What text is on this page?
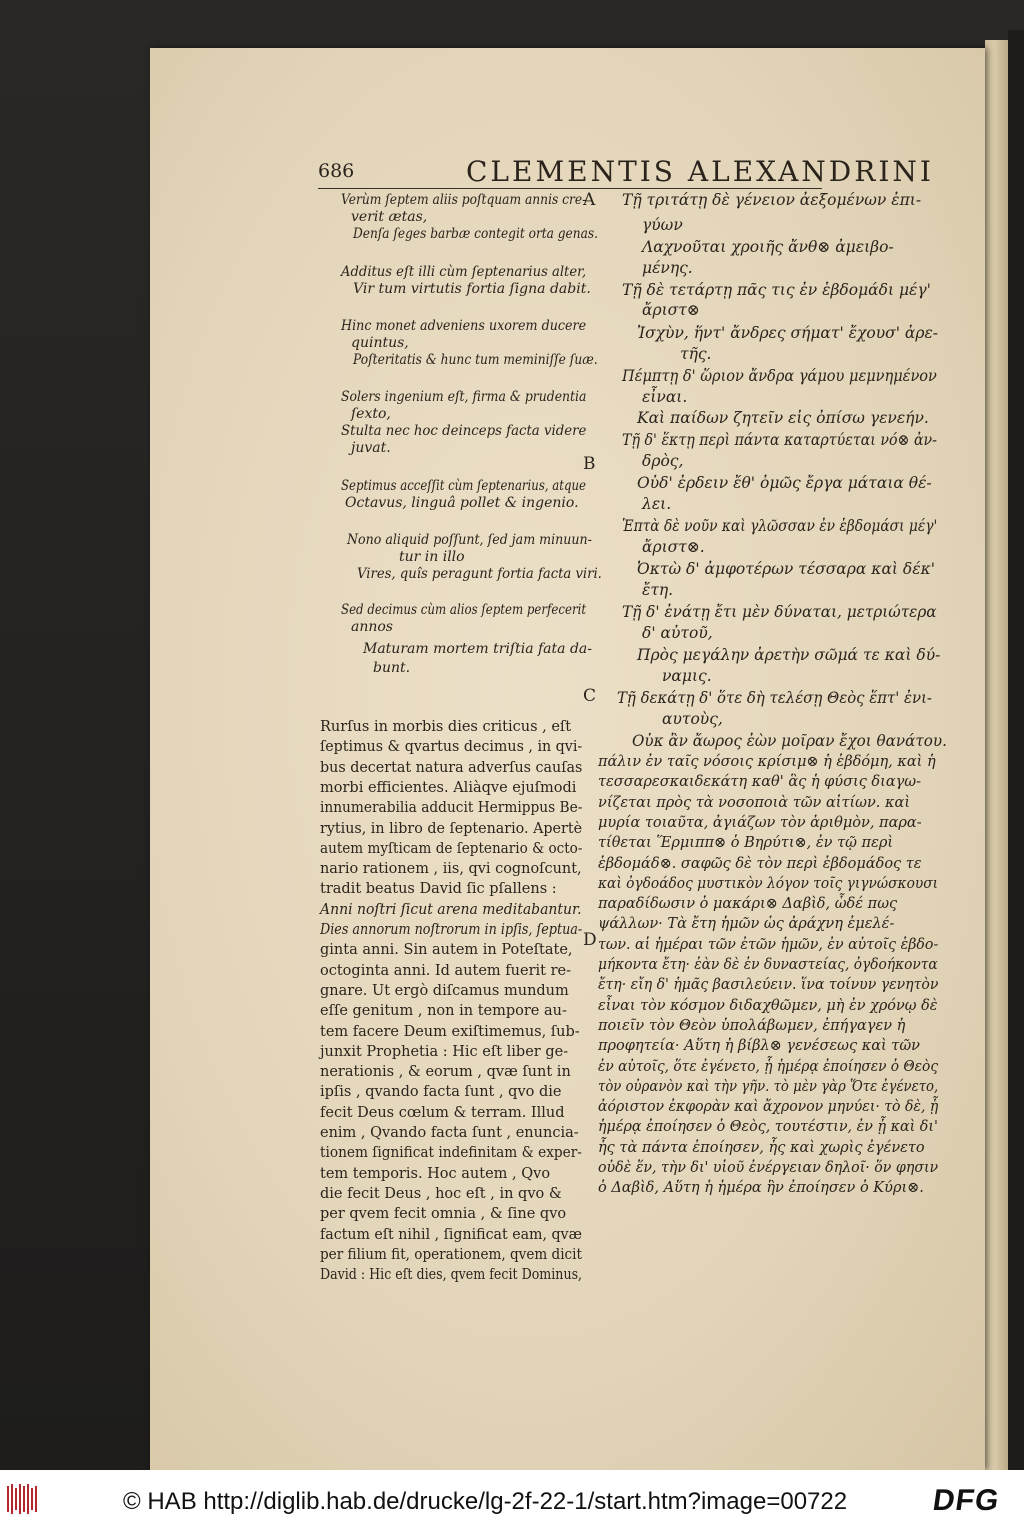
686	CLEMENTIS ALEXANDRINI
A
B
C
D
Verùm ſeptem aliis poſtquam annis cre-
verit ætas,
Denſa ſeges barbæ contegit orta genas.
Additus eſt illi cùm ſeptenarius alter,
Vir tum virtutis fortia ſigna dabit.
Hinc monet adveniens uxorem ducere
quintus,
Poſteritatis & hunc tum meminiſſe ſuæ.
Solers ingenium eſt, firma & prudentia
ſexto,
Stulta nec hoc deinceps facta videre
juvat.
Septimus acceſſit cùm ſeptenarius, atque
Octavus, linguâ pollet & ingenio.
Nono aliquid poſſunt, ſed jam minuun-
tur in illo
Vires, quîs peragunt fortia facta viri.
Sed decimus cùm alios ſeptem perfecerit
annos
Maturam mortem triſtia fata da-
bunt.
Τῇ τριτάτῃ δὲ γένειον ἀεξομένων ἐπι-
γύων
Λαχνοῦται χροιῆς ἄνθ⊗ ἀμειβο-
μένης.
Τῇ δὲ τετάρτῃ πᾶς τις ἐν ἑβδομάδι μέγ'
ἄριστ⊗
Ἰσχὺν, ἥντ' ἄνδρες σήματ' ἔχουσ' ἀρε-
τῆς.
Πέμπτῃ δ' ὥριον ἄνδρα γάμου μεμνημένον
εἶναι.
Καὶ παίδων ζητεῖν εἰς ὀπίσω γενεήν.
Τῇ δ' ἕκτῃ περὶ πάντα καταρτύεται νό⊗ ἀν-
δρὸς,
Οὐδ' ἐρδειν ἔθ' ὁμῶς ἔργα μάταια θέ-
λει.
Ἑπτὰ δὲ νοῦν καὶ γλῶσσαν ἐν ἑβδομάσι μέγ'
ἄριστ⊗.
Ὀκτὼ δ' ἀμφοτέρων τέσσαρα καὶ δέκ'
ἔτη.
Τῇ δ' ἐνάτῃ ἔτι μὲν δύναται, μετριώτερα
δ' αὐτοῦ,
Πρὸς μεγάλην ἀρετὴν σῶμά τε καὶ δύ-
ναμις.
Τῇ δεκάτῃ δ' ὅτε δὴ τελέσῃ Θεὸς ἕπτ' ἐνι-
αυτοὺς,
Οὐκ ἂν ἄωρος ἐὼν μοῖραν ἔχοι θανάτου.
Rurſus in morbis dies criticus , eſt
ſeptimus & qvartus decimus , in qvi-
bus decertat natura adverſus cauſas
morbi efficientes. Aliàqve ejuſmodi
innumerabilia adducit Hermippus Be-
rytius, in libro de ſeptenario. Apertè
autem myſticam de ſeptenario & octo-
nario rationem , iis, qvi cognoſcunt,
tradit beatus David ſic pſallens :
Anni noſtri ſicut arena meditabantur.
Dies annorum noſtrorum in ipſis, ſeptua-
ginta anni. Sin autem in Poteſtate,
octoginta anni. Id autem fuerit re-
gnare. Ut ergò diſcamus mundum
eſſe genitum , non in tempore au-
tem facere Deum exiſtimemus, ſub-
junxit Prophetia : Hic eſt liber ge-
nerationis , & eorum , qvæ ſunt in
ipſis , qvando facta ſunt , qvo die
fecit Deus cœlum & terram. Illud
enim , Qvando facta ſunt , enuncia-
tionem ſignificat indefinitam & exper-
tem temporis. Hoc autem , Qvo
die fecit Deus , hoc eſt , in qvo &
per qvem fecit omnia , & ſine qvo
factum eſt nihil , ſignificat eam, qvæ
per filium fit, operationem, qvem dicit
David : Hic eſt dies, qvem fecit Dominus,
πάλιν ἐν ταῖς νόσοις κρίσιμ⊗ ἡ ἑβδόμη, καὶ ἡ
τεσσαρεσκαιδεκάτη καθ' ἃς ἡ φύσις διαγω-
νίζεται πρὸς τὰ νοσοποιὰ τῶν αἰτίων. καὶ
μυρία τοιαῦτα, ἀγιάζων τὸν ἀριθμὸν, παρα-
τίθεται Ἕρμιππ⊗ ὁ Βηρύτι⊗, ἐν τῷ περὶ
ἑβδομάδ⊗. σαφῶς δὲ τὸν περὶ ἑβδομάδος τε
καὶ ὀγδοάδος μυστικὸν λόγον τοῖς γιγνώσκουσι
παραδίδωσιν ὁ μακάρι⊗ Δαβὶδ, ὧδέ πως
ψάλλων· Τὰ ἔτη ἡμῶν ὡς ἀράχνη ἐμελέ-
των. αἱ ἡμέραι τῶν ἐτῶν ἡμῶν, ἐν αὐτοῖς ἑβδο-
μήκοντα ἔτη· ἐὰν δὲ ἐν δυναστείας, ὀγδοήκοντα
ἔτη· εἴη δ' ἡμᾶς βασιλεύειν. ἵνα τοίνυν γενητὸν
εἶναι τὸν κόσμον διδαχθῶμεν, μὴ ἐν χρόνῳ δὲ
ποιεῖν τὸν Θεὸν ὑπολάβωμεν, ἐπήγαγεν ἡ
προφητεία· Αὕτη ἡ βίβλ⊗ γενέσεως καὶ τῶν
ἐν αὐτοῖς, ὅτε ἐγένετο, ᾗ ἡμέρᾳ ἐποίησεν ὁ Θεὸς
τὸν οὐρανὸν καὶ τὴν γῆν. τὸ μὲν γὰρ Ὅτε ἐγένετο,
ἀόριστον ἐκφορὰν καὶ ἄχρονον μηνύει· τὸ δὲ, ᾗ
ἡμέρᾳ ἐποίησεν ὁ Θεὸς, τουτέστιν, ἐν ᾗ καὶ δι'
ἧς τὰ πάντα ἐποίησεν, ἧς καὶ χωρὶς ἐγένετο
οὐδὲ ἕν, τὴν δι' υἱοῦ ἐνέργειαν δηλοῖ· ὅν φησιν
ὁ Δαβὶδ, Αὕτη ἡ ἡμέρα ἣν ἐποίησεν ὁ Κύρι⊗.
© HAB http://diglib.hab.de/drucke/lg-2f-22-1/start.htm?image=00722	DFG
